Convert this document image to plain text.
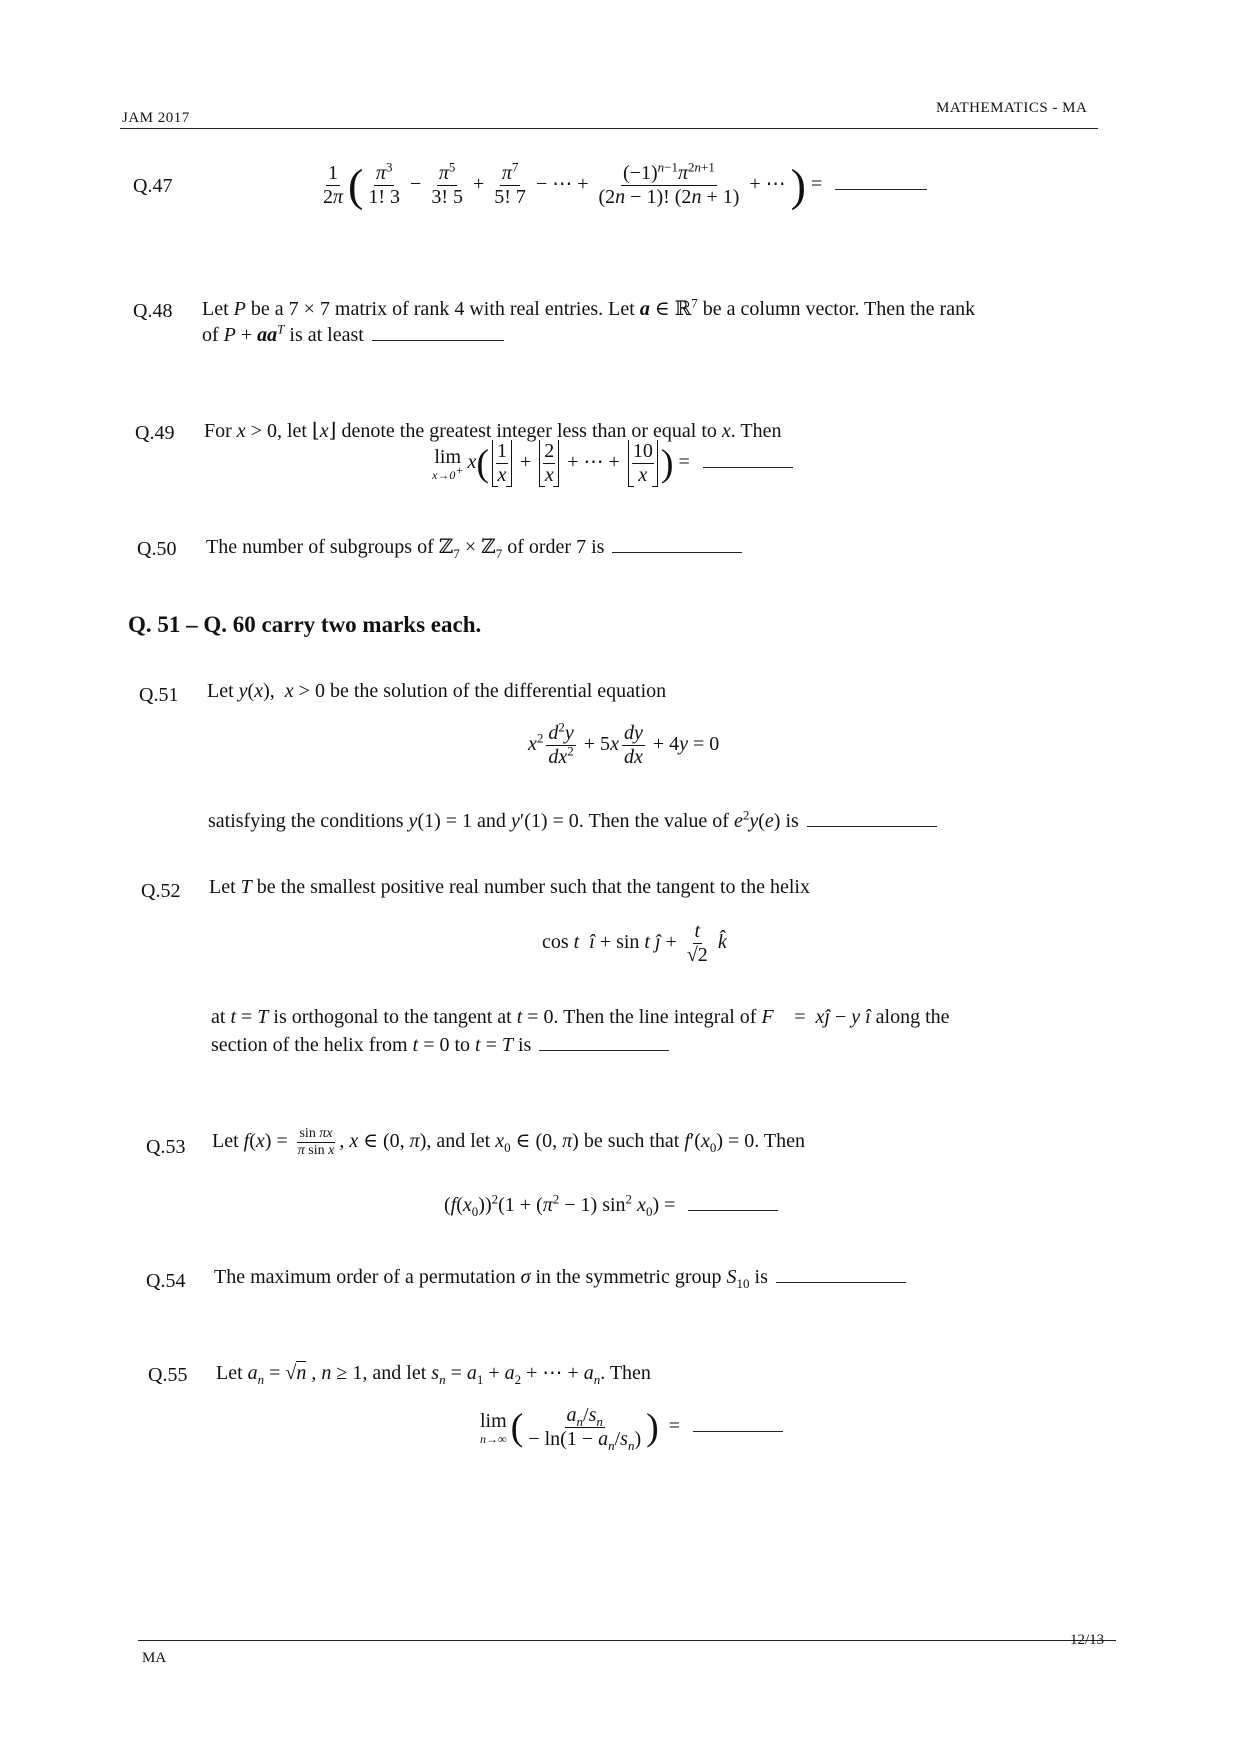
JAM 2017
MATHEMATICS - MA
Q.47	$\frac{1}{2\pi}$ ( $\frac{\pi^3}{1! 3} - \frac{\pi^5}{3! 5} + \frac{\pi^7}{5! 7}$ − ⋯ + $\frac{(-1)^{n-1}\pi^{2n+1}}{(2n - 1)! (2n + 1)}$ + ⋯ ) =
Q.48 Let P be a 7 × 7 matrix of rank 4 with real entries. Let a ∈ ℝ$^7$ be a column vector. Then the rank
of $P + aa^T$ is at least
Q.49 For x > 0, let ⌊x⌋ denote the greatest integer less than or equal to x. Then
lim
x→0+ $x( \frac{1}{x} + \frac{2}{x}$ + ⋯ + $\frac{10}{x}$ ) =
Q.50 The number of subgroups of ℤ$_7$ × ℤ$_7$ of order 7 is
Q. 51 – Q. 60 carry two marks each.
Q.51 Let y(x),  x > 0 be the solution of the differential equation
$x^2 \frac{d^2y}{dx^2} + 5x \frac{dy}{dx} + 4y = 0$
satisfying the conditions y(1) = 1 and y′(1) = 0. Then the value of $e^2y(e)$ is
Q.52 Let T be the smallest positive real number such that the tangent to the helix
cos t î + sin t ĵ + $\frac{t}{√2}$ k̂
at t = T is orthogonal to the tangent at t = 0. Then the line integral of F⃗ =  xĵ − y î along the
section of the helix from t = 0 to t = T is
Q.53 Let $f(x) = \frac{\text{sin πx}}{\text{π sin x}}$ , x ∈ (0, π), and let $x_0$ ∈ (0, π) be such that $f'(x_0) = 0$. Then
$(f(x_0))^2(1 + (\pi^2 - 1)$ $\sin^2 x_0$) =
Q.54 The maximum order of a permutation σ in the symmetric group $S_{10}$ is
Q.55 Let $a_n = √n$ , n ≥ 1, and let $s_n = a_1 + a_2$ + ⋯ + $a_n$. Then
lim
n→∞ ( $\frac{a_n/s_n}{- \ln(1 - a_n/s_n)}$ )  =
MA
12/13
